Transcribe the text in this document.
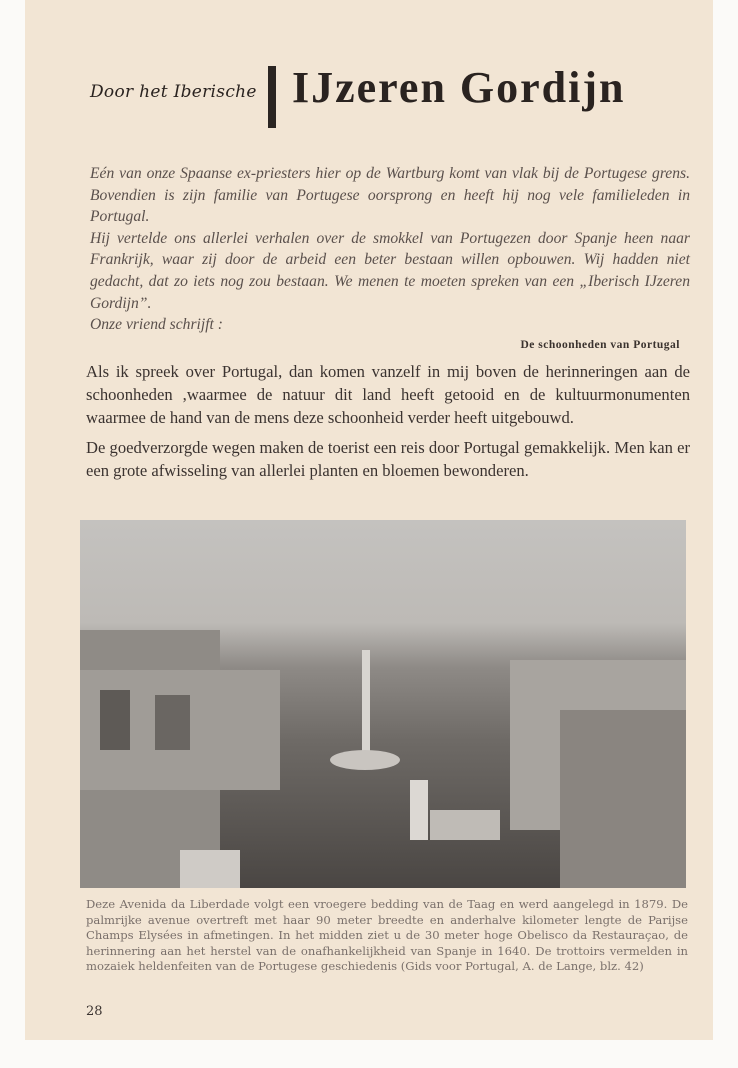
Door het Iberische IJzeren Gordijn

Eén van onze Spaanse ex-priesters hier op de Wartburg komt van vlak bij de Portugese grens. Bovendien is zijn familie van Portugese oorsprong en heeft hij nog vele familieleden in Portugal.

Hij vertelde ons allerlei verhalen over de smokkel van Portugezen door Spanje heen naar Frankrijk, waar zij door de arbeid een beter bestaan willen opbouwen. Wij hadden niet gedacht, dat zo iets nog zou bestaan. We menen te moeten spreken van een „Iberisch IJzeren Gordijn”.

Onze vriend schrijft :

De schoonheden van Portugal

Als ik spreek over Portugal, dan komen vanzelf in mij boven de herinneringen aan de schoonheden ,waarmee de natuur dit land heeft getooid en de kultuurmonumenten waarmee de hand van de mens deze schoonheid verder heeft uitgebouwd.

De goedverzorgde wegen maken de toerist een reis door Portugal gemakkelijk. Men kan er een grote afwisseling van allerlei planten en bloemen bewonderen.

Deze Avenida da Liberdade volgt een vroegere bedding van de Taag en werd aangelegd in 1879. De palmrijke avenue overtreft met haar 90 meter breedte en anderhalve kilometer lengte de Parijse Champs Elysées in afmetingen. In het midden ziet u de 30 meter hoge Obelisco da Restauraçao, de herinnering aan het herstel van de onafhankelijkheid van Spanje in 1640. De trottoirs vermelden in mozaiek heldenfeiten van de Portugese geschiedenis (Gids voor Portugal, A. de Lange, blz. 42)
28
